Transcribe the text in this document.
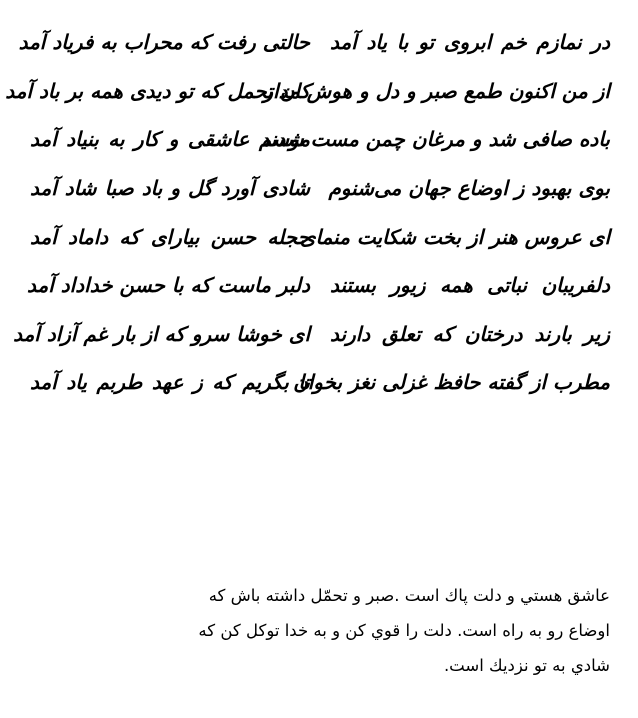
در نمازم خم ابروی تو با یاد آمد
حالتی رفت که محراب به فریاد آمد
از من اکنون طمع صبر و دل و هوش مدار
کان تحمل که تو دیدی همه بر باد آمد
باده صافی شد و مرغان چمن مست شدند
موسم عاشقی و کار به بنیاد آمد
بوی بهبود ز اوضاع جهان می‌شنوم
شادی آورد گل و باد صبا شاد آمد
ای عروس هنر از بخت شکایت منمای
حجله حسن بیارای که داماد آمد
دلفریبان نباتی همه زیور بستند
دلبر ماست که با حسن خداداد آمد
زیر بارند درختان که تعلق دارند
ای خوشا سرو که از بار غم آزاد آمد
مطرب از گفته حافظ غزلی نغز بخوان
تا بگریم که ز عهد طربم یاد آمد
عاشق هستي و دلت پاك است .صبر و تحمّل داشته باش كه
اوضاع رو به راه است. دلت را قوي كن و به خدا توكل كن كه
شادي به تو نزديك است.
